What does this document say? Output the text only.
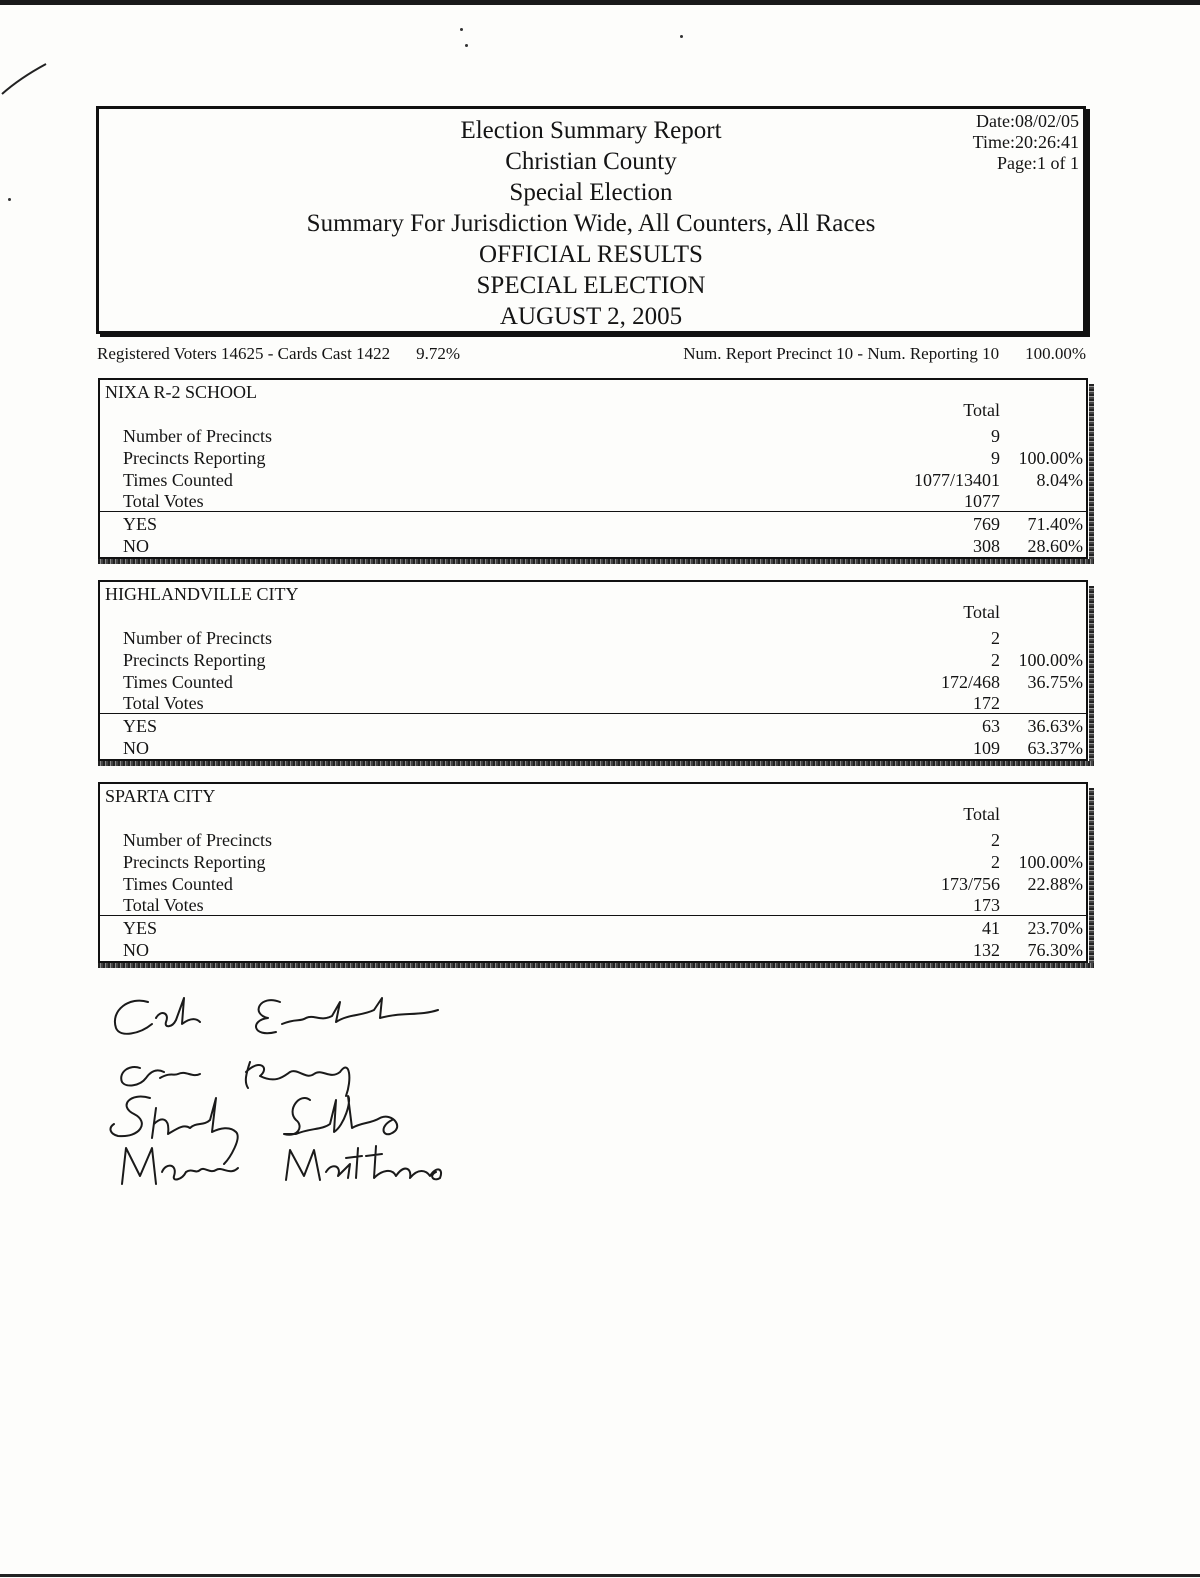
Election Summary Report
Christian County
Special Election
Summary For Jurisdiction Wide, All Counters, All Races
OFFICIAL RESULTS
SPECIAL ELECTION
AUGUST 2, 2005
Date:08/02/05
Time:20:26:41
Page:1 of 1
Registered Voters 14625 - Cards Cast 1422 9.72%	Num. Report Precinct 10 - Num. Reporting 10 100.00%
NIXA R-2 SCHOOL
Total
Number of Precincts	9
Precincts Reporting	9	100.00%
Times Counted	1077/13401	8.04%
Total Votes	1077
YES	769	71.40%
NO	308	28.60%
HIGHLANDVILLE CITY
Total
Number of Precincts	2
Precincts Reporting	2	100.00%
Times Counted	172/468	36.75%
Total Votes	172
YES	63	36.63%
NO	109	63.37%
SPARTA CITY
Total
Number of Precincts	2
Precincts Reporting	2	100.00%
Times Counted	173/756	22.88%
Total Votes	173
YES	41	23.70%
NO	132	76.30%
